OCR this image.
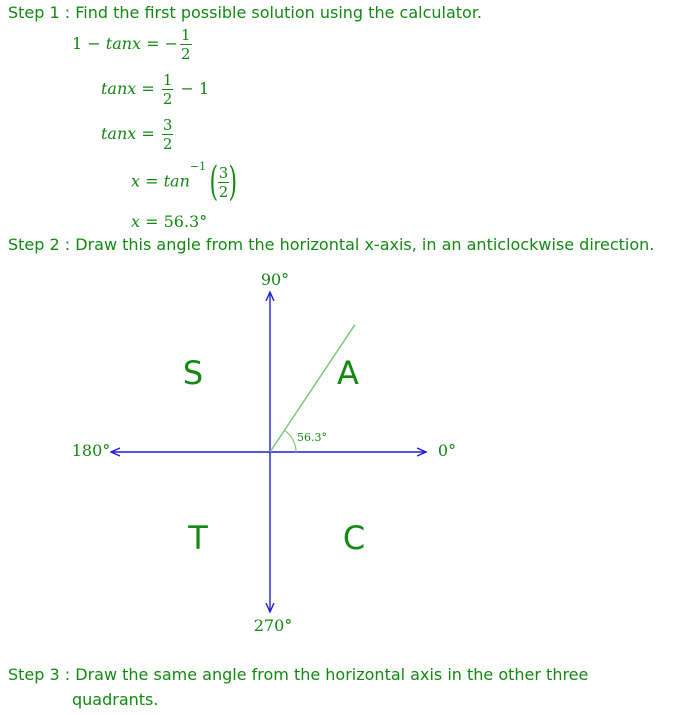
Step 1 : Find the first possible solution using the calculator.
1 − tanx = − $\frac{1}{2}$
$\tan x = \frac{1}{2} - 1$
$\tan x = \frac{3}{2}$
$x = \tan^{-1}( \frac{3}{2}$ )
x = 56.3°
Step 2 : Draw this angle from the horizontal x-axis, in an anticlockwise direction.
56.3°
90°
180°	0°
270°
S	A
T	C
Step 3 : Draw the same angle from the horizontal axis in the other three
quadrants.
